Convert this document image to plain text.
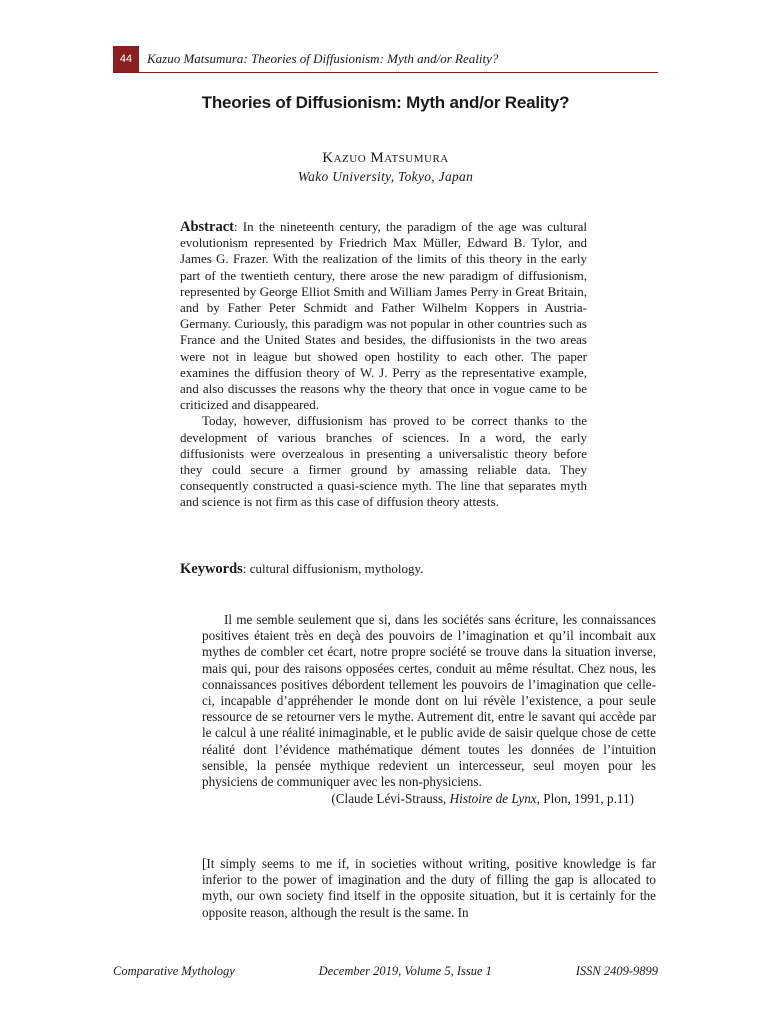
44	Kazuo Matsumura: Theories of Diffusionism: Myth and/or Reality?
Theories of Diffusionism: Myth and/or Reality?
Kazuo Matsumura
Wako University, Tokyo, Japan

Abstract: In the nineteenth century, the paradigm of the age was cultural evolutionism represented by Friedrich Max Müller, Edward B. Tylor, and James G. Frazer. With the realization of the limits of this theory in the early part of the twentieth century, there arose the new paradigm of diffusionism, represented by George Elliot Smith and William James Perry in Great Britain, and by Father Peter Schmidt and Father Wilhelm Koppers in Austria-Germany. Curiously, this paradigm was not popular in other countries such as France and the United States and besides, the diffusionists in the two areas were not in league but showed open hostility to each other. The paper examines the diffusion theory of W. J. Perry as the representative example, and also discusses the reasons why the theory that once in vogue came to be criticized and disappeared.

Today, however, diffusionism has proved to be correct thanks to the development of various branches of sciences. In a word, the early diffusionists were overzealous in presenting a universalistic theory before they could secure a firmer ground by amassing reliable data. They consequently constructed a quasi-science myth. The line that separates myth and science is not firm as this case of diffusion theory attests.

Keywords: cultural diffusionism, mythology.

Il me semble seulement que si, dans les sociétés sans écriture, les connaissances positives étaient très en deçà des pouvoirs de l’imagination et qu’il incombait aux mythes de combler cet écart, notre propre société se trouve dans la situation inverse, mais qui, pour des raisons opposées certes, conduit au même résultat. Chez nous, les connaissances positives débordent tellement les pouvoirs de l’imagination que celle-ci, incapable d’appréhender le monde dont on lui révèle l’existence, a pour seule ressource de se retourner vers le mythe. Autrement dit, entre le savant qui accède par le calcul à une réalité inimaginable, et le public avide de saisir quelque chose de cette réalité dont l’évidence mathématique dément toutes les données de l’intuition sensible, la pensée mythique redevient un intercesseur, seul moyen pour les physiciens de communiquer avec les non-physiciens.

(Claude Lévi-Strauss, Histoire de Lynx, Plon, 1991, p.11)

[It simply seems to me if, in societies without writing, positive knowledge is far inferior to the power of imagination and the duty of filling the gap is allocated to myth, our own society find itself in the opposite situation, but it is certainly for the opposite reason, although the result is the same. In

Comparative Mythology	December 2019, Volume 5, Issue 1	ISSN 2409-9899
